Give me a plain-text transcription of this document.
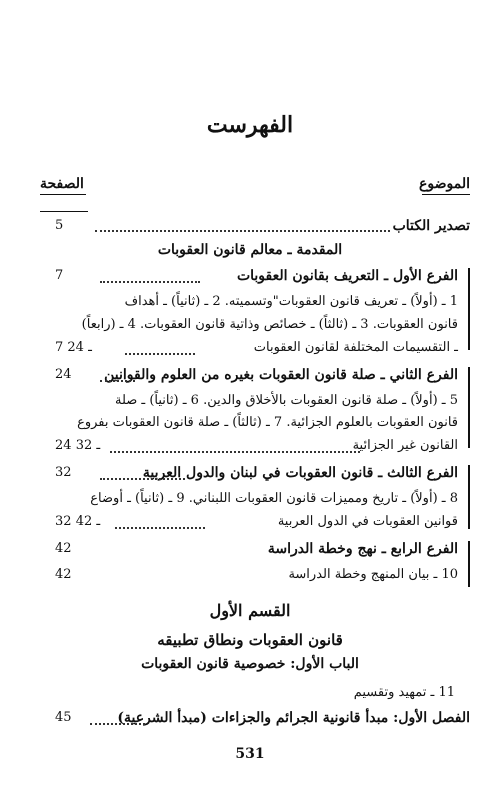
الفهرست
الموضوع
الصفحة
تصدير الكتاب
5
المقدمة ـ معالم قانون العقوبات
الفرع الأول ـ التعريف بقانون العقوبات
7
1 ـ (أولاً) ـ تعريف قانون العقوبات"وتسميته. 2 ـ (ثانياً) ـ أهداف
قانون العقوبات. 3 ـ (ثالثاً) ـ خصائص وذاتية قانون العقوبات. 4 ـ (رابعاً)
ـ التقسيمات المختلفة لقانون العقوبات
7 ـ 24
الفرع الثاني ـ صلة قانون العقوبات بغيره من العلوم والقوانين
24
5 ـ (أولاً) ـ صلة قانون العقوبات بالأخلاق والدين. 6 ـ (ثانياً) ـ صلة
قانون العقوبات بالعلوم الجزائية. 7 ـ (ثالثاً) ـ صلة قانون العقوبات بفروع
القانون غير الجزائية
24 ـ 32
الفرع الثالث ـ قانون العقوبات في لبنان والدول العربية
32
8 ـ (أولاً) ـ تاريخ ومميزات قانون العقوبات اللبناني. 9 ـ (ثانياً) ـ أوضاع
قوانين العقوبات في الدول العربية
32 ـ 42
الفرع الرابع ـ نهج وخطة الدراسة
42
10 ـ بيان المنهج وخطة الدراسة
42
القسم الأول
قانون العقوبات ونطاق تطبيقه
الباب الأول: خصوصية قانون العقوبات
11 ـ تمهيد وتقسيم
الفصل الأول: مبدأ قانونية الجرائم والجزاءات (مبدأ الشرعية)
45
531
